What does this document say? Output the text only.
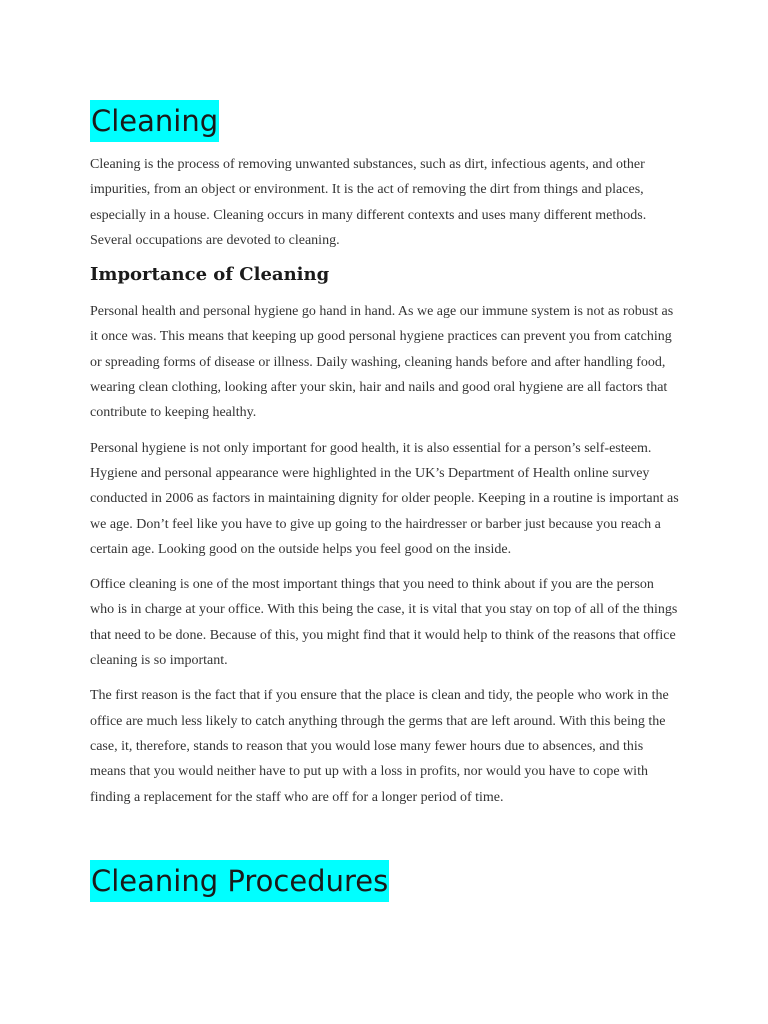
Cleaning

Cleaning is the process of removing unwanted substances, such as dirt, infectious agents, and other impurities, from an object or environment. It is the act of removing the dirt from things and places, especially in a house. Cleaning occurs in many different contexts and uses many different methods. Several occupations are devoted to cleaning.

Importance of Cleaning

Personal health and personal hygiene go hand in hand. As we age our immune system is not as robust as it once was. This means that keeping up good personal hygiene practices can prevent you from catching or spreading forms of disease or illness. Daily washing, cleaning hands before and after handling food, wearing clean clothing, looking after your skin, hair and nails and good oral hygiene are all factors that contribute to keeping healthy.

Personal hygiene is not only important for good health, it is also essential for a person’s self-esteem. Hygiene and personal appearance were highlighted in the UK’s Department of Health online survey conducted in 2006 as factors in maintaining dignity for older people. Keeping in a routine is important as we age. Don’t feel like you have to give up going to the hairdresser or barber just because you reach a certain age. Looking good on the outside helps you feel good on the inside.

Office cleaning is one of the most important things that you need to think about if you are the person who is in charge at your office. With this being the case, it is vital that you stay on top of all of the things that need to be done. Because of this, you might find that it would help to think of the reasons that office cleaning is so important.

The first reason is the fact that if you ensure that the place is clean and tidy, the people who work in the office are much less likely to catch anything through the germs that are left around. With this being the case, it, therefore, stands to reason that you would lose many fewer hours due to absences, and this means that you would neither have to put up with a loss in profits, nor would you have to cope with finding a replacement for the staff who are off for a longer period of time.

Cleaning Procedures
